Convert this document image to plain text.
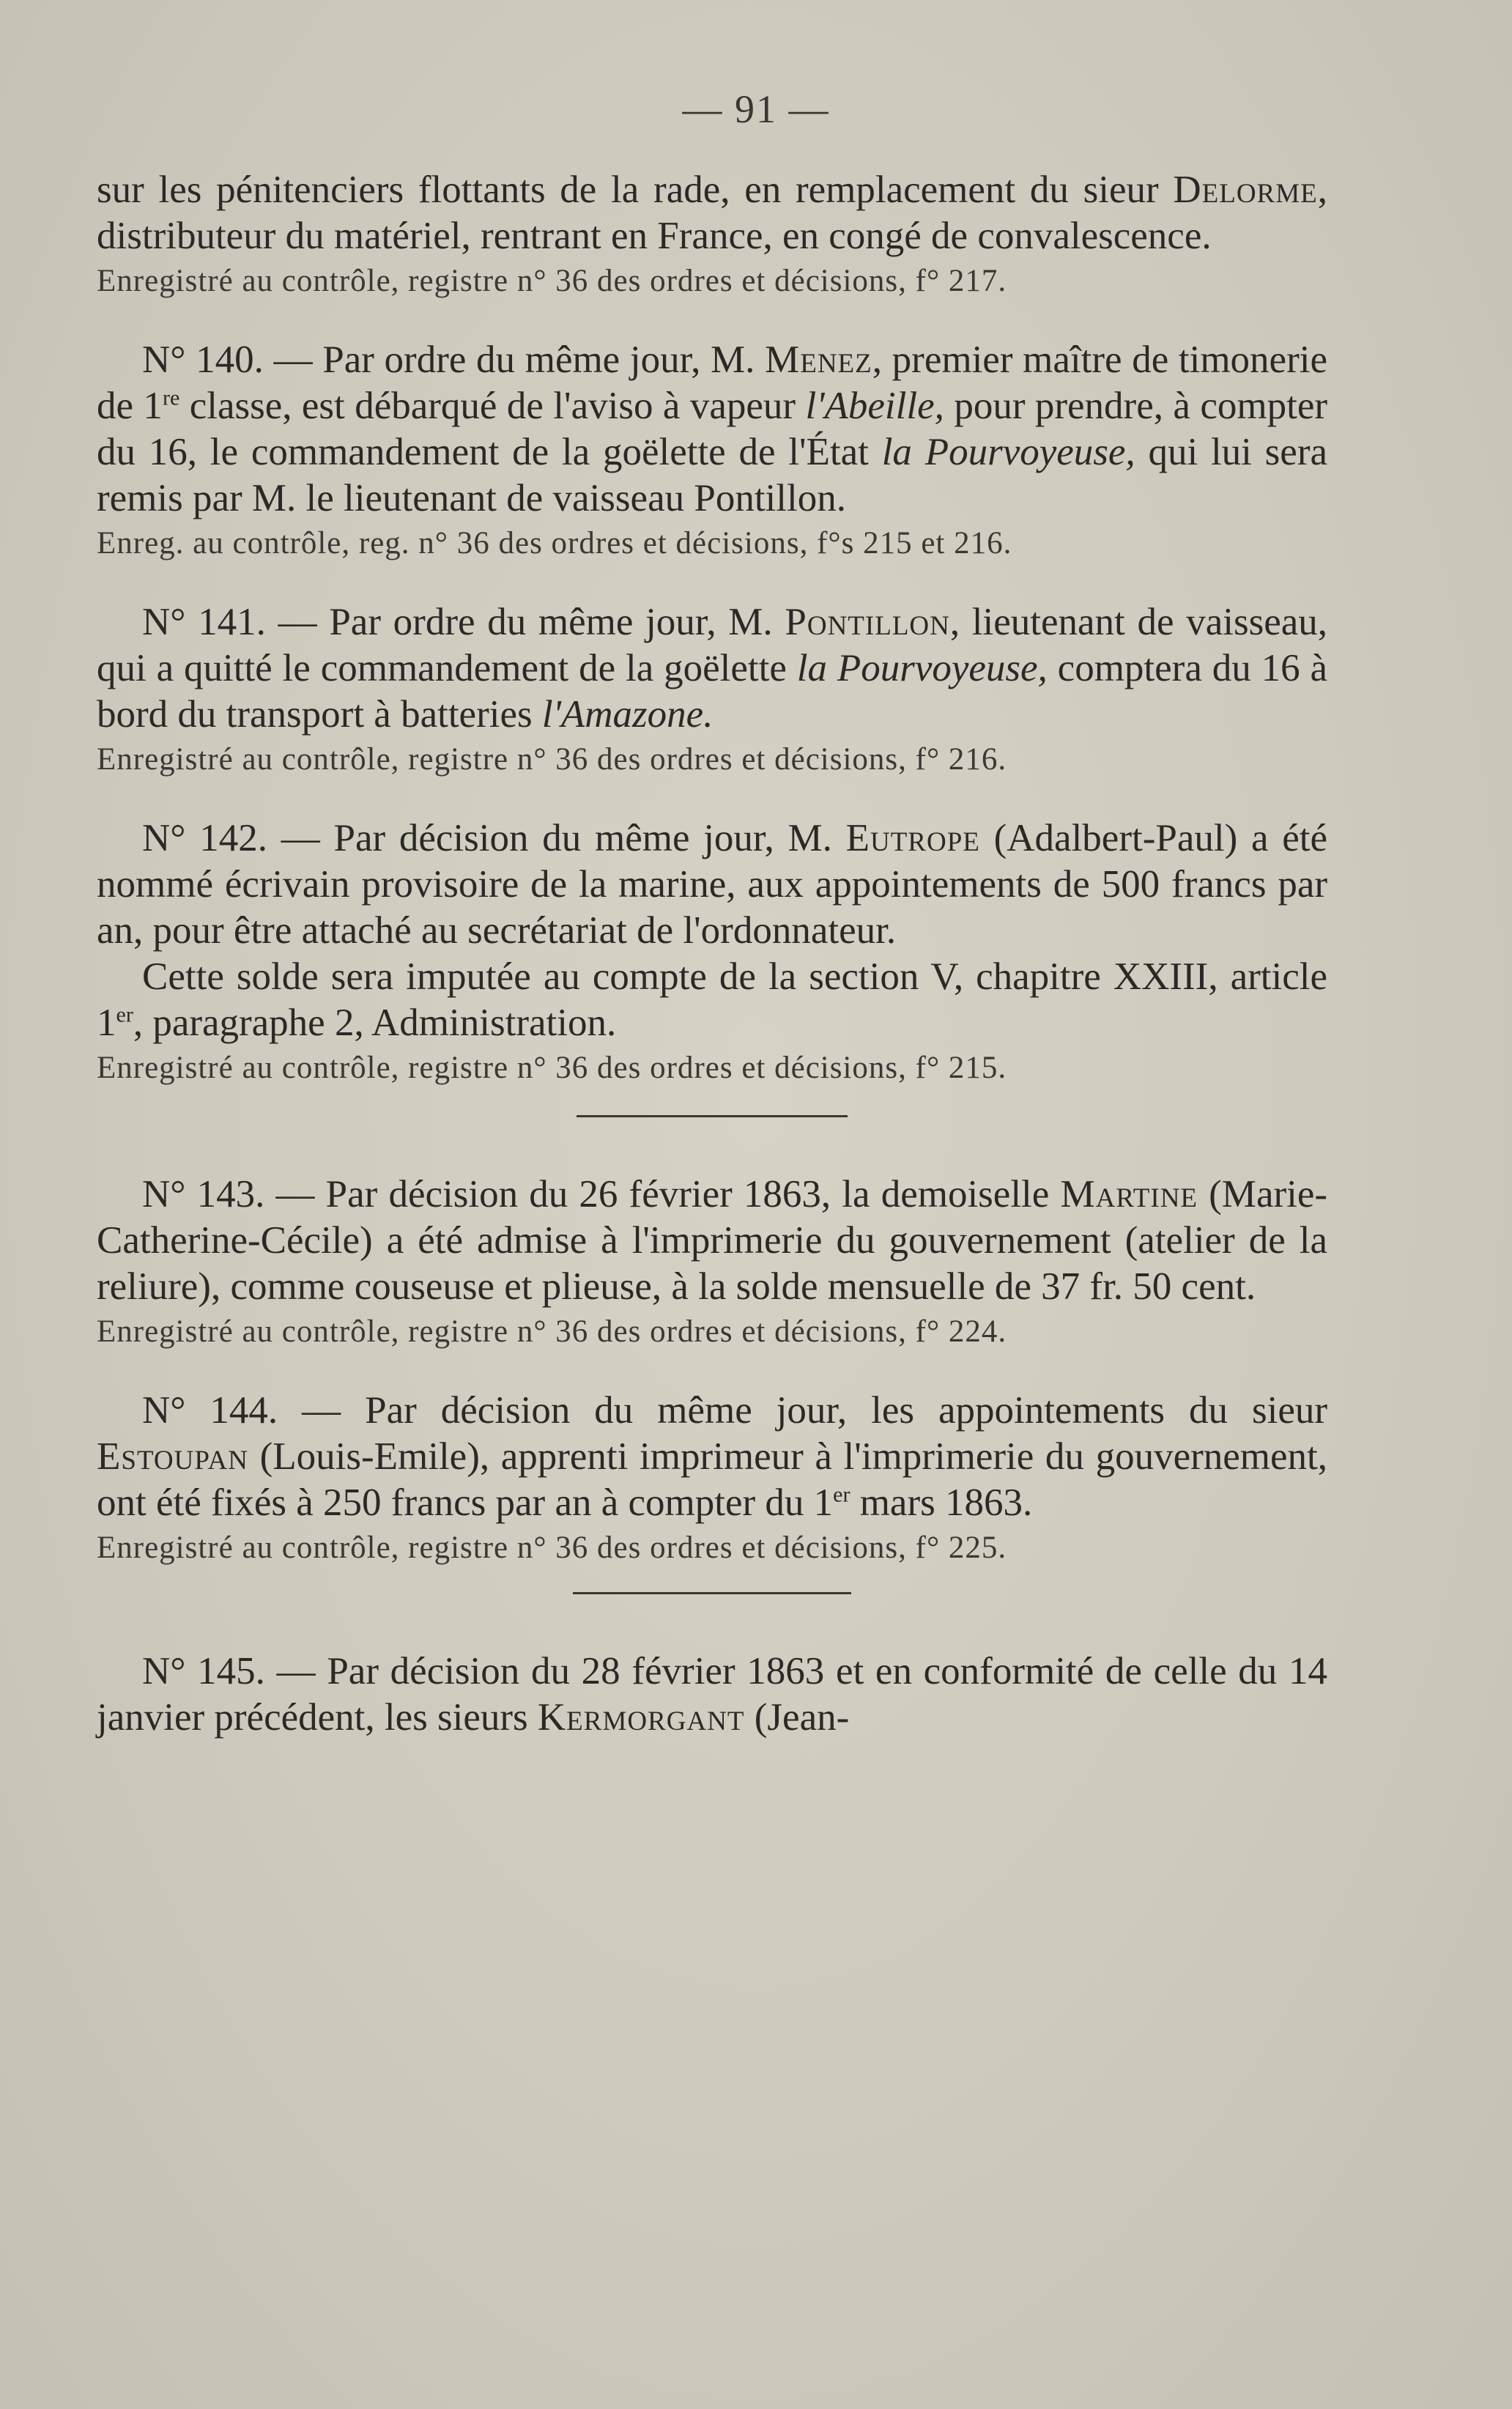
— 91 —

sur les pénitenciers flottants de la rade, en remplacement du sieur Delorme, distributeur du matériel, rentrant en France, en congé de convalescence.

Enregistré au contrôle, registre n° 36 des ordres et décisions, f° 217.

N° 140. — Par ordre du même jour, M. Menez, premier maître de timonerie de 1re classe, est débarqué de l'aviso à vapeur l'Abeille, pour prendre, à compter du 16, le commandement de la goëlette de l'État la Pourvoyeuse, qui lui sera remis par M. le lieutenant de vaisseau Pontillon.

Enreg. au contrôle, reg. n° 36 des ordres et décisions, f°s 215 et 216.

N° 141. — Par ordre du même jour, M. Pontillon, lieutenant de vaisseau, qui a quitté le commandement de la goëlette la Pourvoyeuse, comptera du 16 à bord du transport à batteries l'Amazone.

Enregistré au contrôle, registre n° 36 des ordres et décisions, f° 216.

N° 142. — Par décision du même jour, M. Eutrope (Adalbert-Paul) a été nommé écrivain provisoire de la marine, aux appointements de 500 francs par an, pour être attaché au secrétariat de l'ordonnateur.

Cette solde sera imputée au compte de la section V, chapitre XXIII, article 1er, paragraphe 2, Administration.

Enregistré au contrôle, registre n° 36 des ordres et décisions, f° 215.

N° 143. — Par décision du 26 février 1863, la demoiselle Martine (Marie-Catherine-Cécile) a été admise à l'imprimerie du gouvernement (atelier de la reliure), comme couseuse et plieuse, à la solde mensuelle de 37 fr. 50 cent.

Enregistré au contrôle, registre n° 36 des ordres et décisions, f° 224.

N° 144. — Par décision du même jour, les appointements du sieur Estoupan (Louis-Emile), apprenti imprimeur à l'imprimerie du gouvernement, ont été fixés à 250 francs par an à compter du 1er mars 1863.

Enregistré au contrôle, registre n° 36 des ordres et décisions, f° 225.

N° 145. — Par décision du 28 février 1863 et en conformité de celle du 14 janvier précédent, les sieurs Kermorgant (Jean-
